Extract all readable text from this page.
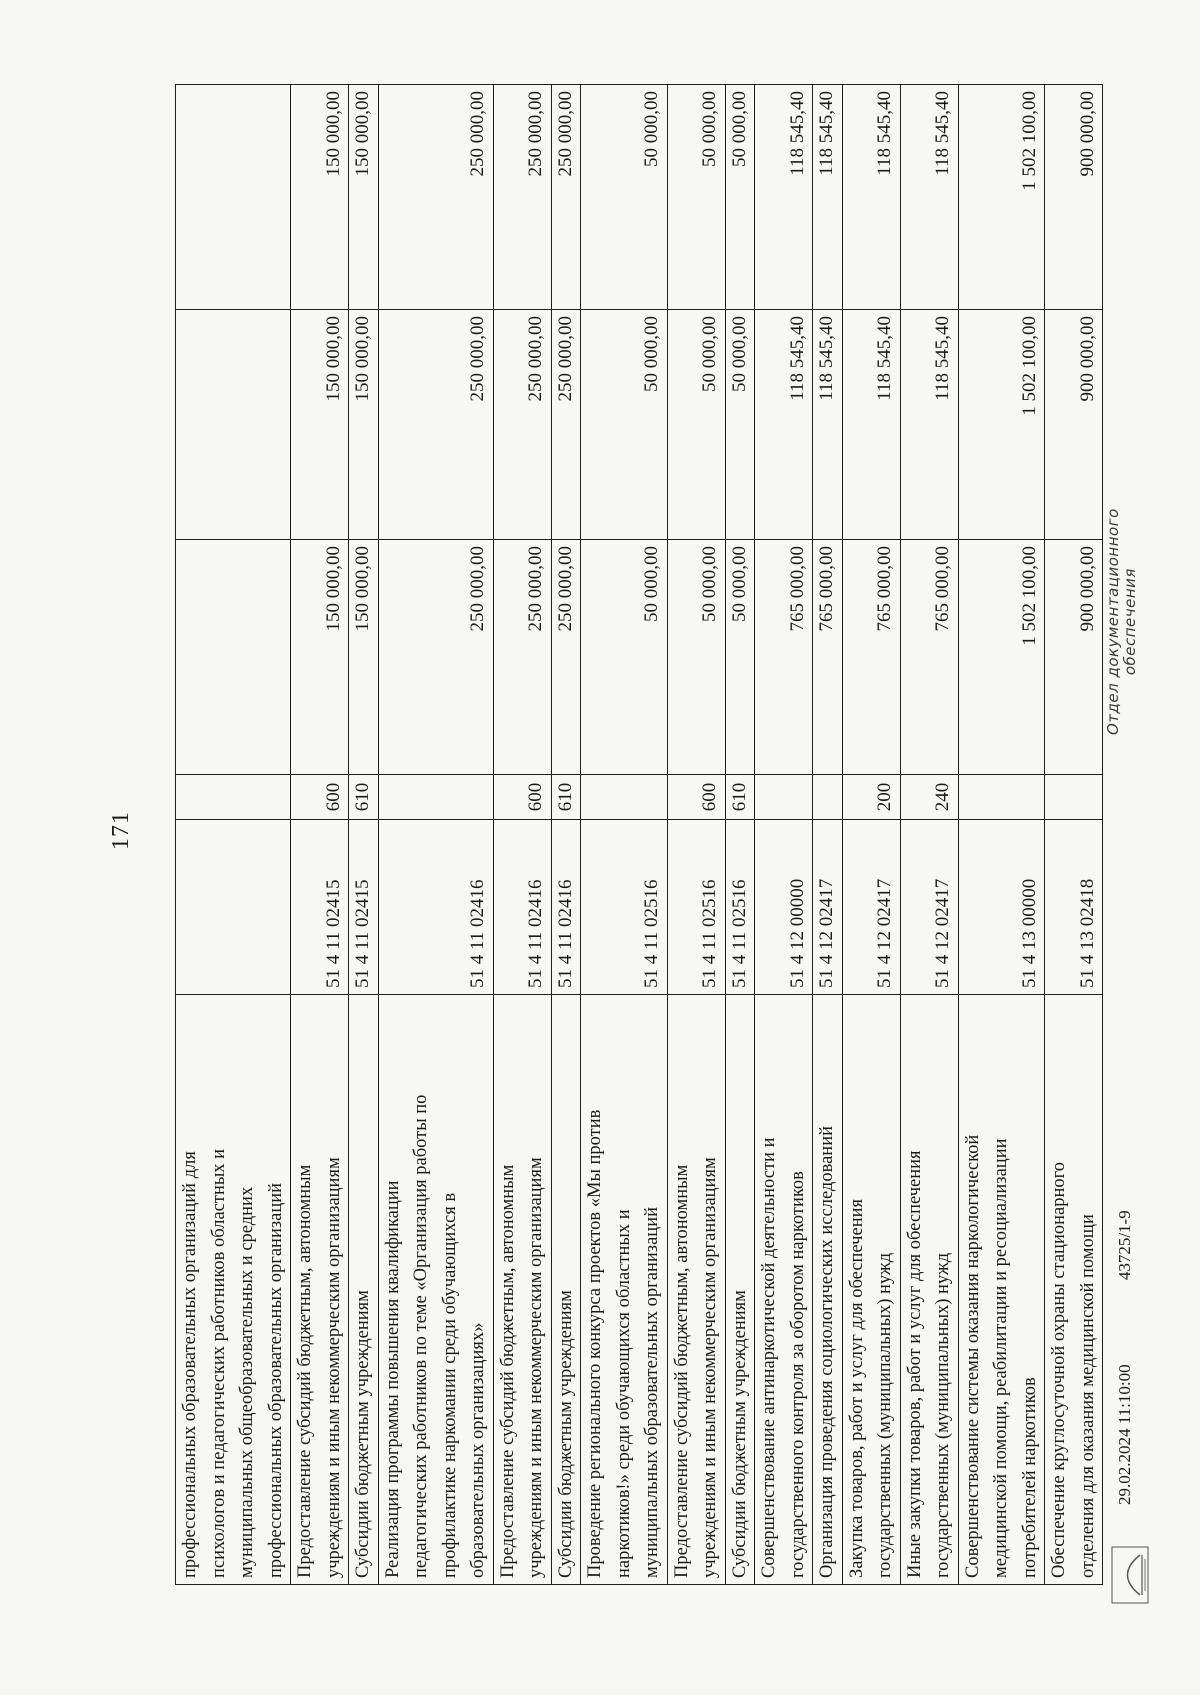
171
профессиональных образовательных организаций для
психологов и педагогических работников областных и
муниципальных общеобразовательных и средних
профессиональных образовательных организаций					
Предоставление субсидий бюджетным, автономным
учреждениям и иным некоммерческим организациям	51 4 11 02415	600	150 000,00	150 000,00	150 000,00
Субсидии бюджетным учреждениям	51 4 11 02415	610	150 000,00	150 000,00	150 000,00
Реализация программы повышения квалификации
педагогических работников по теме «Организация работы по
профилактике наркомании среди обучающихся в
образовательных организациях»	51 4 11 02416		250 000,00	250 000,00	250 000,00
Предоставление субсидий бюджетным, автономным
учреждениям и иным некоммерческим организациям	51 4 11 02416	600	250 000,00	250 000,00	250 000,00
Субсидии бюджетным учреждениям	51 4 11 02416	610	250 000,00	250 000,00	250 000,00
Проведение регионального конкурса проектов «Мы против
наркотиков!» среди обучающихся областных и
муниципальных образовательных организаций	51 4 11 02516		50 000,00	50 000,00	50 000,00
Предоставление субсидий бюджетным, автономным
учреждениям и иным некоммерческим организациям	51 4 11 02516	600	50 000,00	50 000,00	50 000,00
Субсидии бюджетным учреждениям	51 4 11 02516	610	50 000,00	50 000,00	50 000,00
Совершенствование антинаркотической деятельности и
государственного контроля за оборотом наркотиков	51 4 12 00000		765 000,00	118 545,40	118 545,40
Организация проведения социологических исследований	51 4 12 02417		765 000,00	118 545,40	118 545,40
Закупка товаров, работ и услуг для обеспечения
государственных (муниципальных) нужд	51 4 12 02417	200	765 000,00	118 545,40	118 545,40
Иные закупки товаров, работ и услуг для обеспечения
государственных (муниципальных) нужд	51 4 12 02417	240	765 000,00	118 545,40	118 545,40
Совершенствование системы оказания наркологической
медицинской помощи, реабилитации и ресоциализации
потребителей наркотиков	51 4 13 00000		1 502 100,00	1 502 100,00	1 502 100,00
Обеспечение круглосуточной охраны стационарного
отделения для оказания медицинской помощи	51 4 13 02418		900 000,00	900 000,00	900 000,00
29.02.2024 11:10:00 43725/1-9
Отдел документационного обеспечения
